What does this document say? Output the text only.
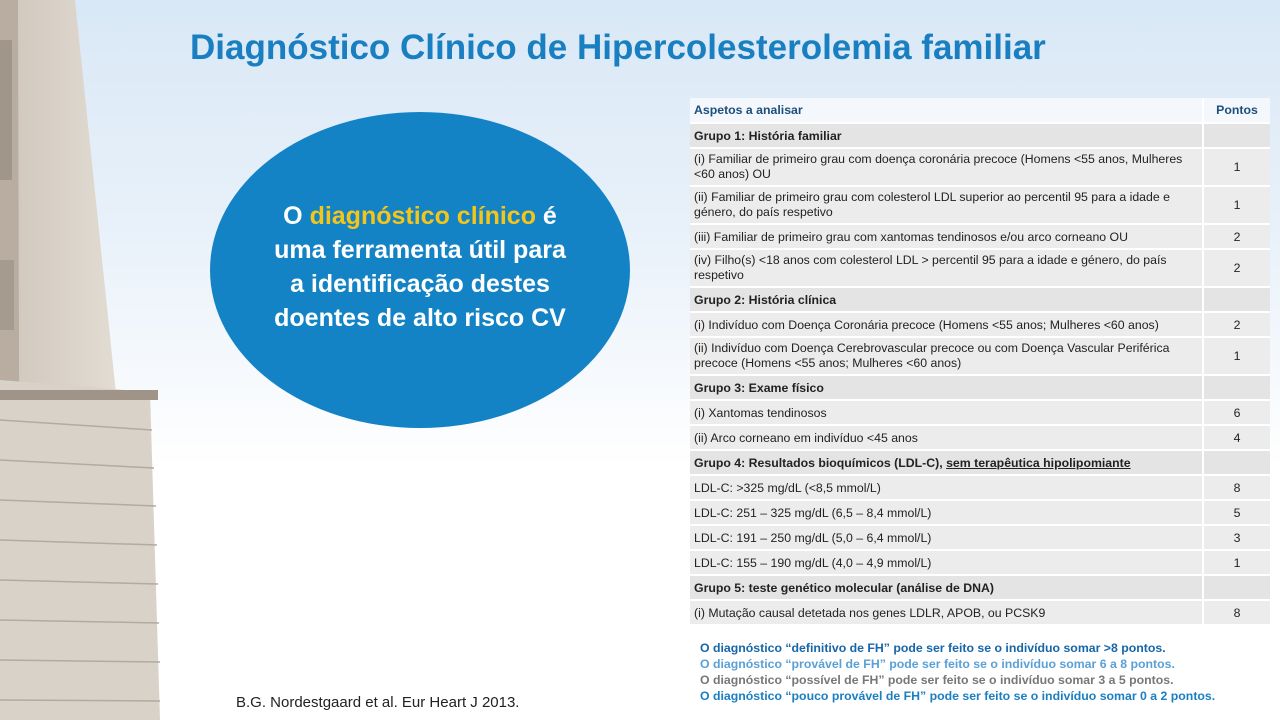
Diagnóstico Clínico de Hipercolesterolemia familiar
O diagnóstico clínico é uma ferramenta útil para a identificação destes doentes de alto risco CV
Aspetos a analisar	Pontos
Grupo 1: História familiar	
(i) Familiar de primeiro grau com doença coronária precoce (Homens <55 anos, Mulheres <60 anos) OU	1
(ii) Familiar de primeiro grau com colesterol LDL superior ao percentil 95 para a idade e género, do país respetivo	1
(iii) Familiar de primeiro grau com xantomas tendinosos e/ou arco corneano OU	2
(iv) Filho(s) <18 anos com colesterol LDL > percentil 95 para a idade e género, do país respetivo	2
Grupo 2: História clínica	
(i) Indivíduo com Doença Coronária precoce (Homens <55 anos; Mulheres <60 anos)	2
(ii) Indivíduo com Doença Cerebrovascular precoce ou com Doença Vascular Periférica precoce (Homens <55 anos; Mulheres <60 anos)	1
Grupo 3: Exame físico	
(i) Xantomas tendinosos	6
(ii) Arco corneano em indivíduo <45 anos	4
Grupo 4: Resultados bioquímicos (LDL-C), sem terapêutica hipolipomiante	
LDL-C: >325 mg/dL (<8,5 mmol/L)	8
LDL-C: 251 – 325 mg/dL (6,5 – 8,4 mmol/L)	5
LDL-C: 191 – 250 mg/dL (5,0 – 6,4 mmol/L)	3
LDL-C: 155 – 190 mg/dL (4,0 – 4,9 mmol/L)	1
Grupo 5: teste genético molecular (análise de DNA)	
(i) Mutação causal detetada nos genes LDLR, APOB, ou PCSK9	8
O diagnóstico “definitivo de FH” pode ser feito se o indivíduo somar >8 pontos.
O diagnóstico “provável de FH” pode ser feito se o indivíduo somar 6 a 8 pontos.
O diagnóstico “possível de FH” pode ser feito se o indivíduo somar 3 a 5 pontos.
O diagnóstico “pouco provável de FH” pode ser feito se o indivíduo somar 0 a 2 pontos.
B.G. Nordestgaard et al. Eur Heart J 2013.
